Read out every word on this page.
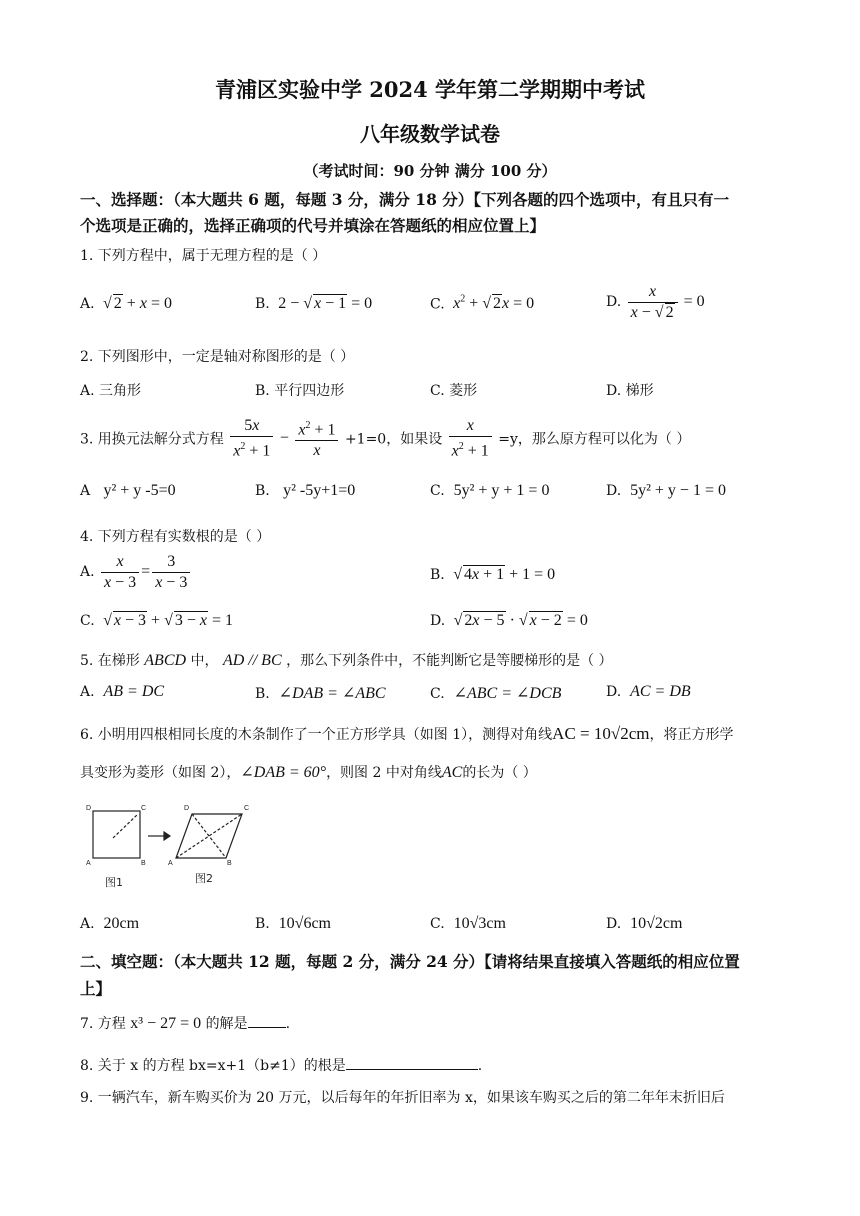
青浦区实验中学 2024 学年第二学期期中考试
八年级数学试卷
（考试时间：90 分钟 满分 100 分）
一、选择题：（本大题共 6 题，每题 3 分，满分 18 分）【下列各题的四个选项中，有且只有一
个选项是正确的，选择正确项的代号并填涂在答题纸的相应位置上】
1. 下列方程中，属于无理方程的是（ ）
A. √ 2 + x = 0	B.  2 − √ x − 1 = 0	C. $x^2$ + √ 2x = 0	D. $\frac{x}{x - √ 2} = 0$
2. 下列图形中，一定是轴对称图形的是（ ）
A. 三角形	B. 平行四边形	C. 菱形	D. 梯形
3. 用换元法解分式方程 $\frac{5x}{x^2 + 1} - \frac{x^2 + 1}{x} +1=0$，如果设 $\frac{x}{x^2 + 1} =y$，那么原方程可以化为（ ）
A y² + y -5=0	B. y² -5y+1=0	C. 5y² + y + 1 = 0	D. 5y² + y − 1 = 0
4. 下列方程有实数根的是（ ）
A. $\frac{x}{x - 3} = \frac{3}{x - 3}$	B. √ 4x + 1 + 1 = 0
C. √ x − 3 + √ 3 − x = 1	D. √ 2x − 5 · √ x − 2 = 0
5. 在梯形 ABCD 中， AD // BC ，那么下列条件中，不能判断它是等腰梯形的是（ ）
A. AB = DC	B. ∠DAB = ∠ABC	C. ∠ABC = ∠DCB	D. AC = DB
6. 小明用四根相同长度的木条制作了一个正方形学具（如图 1），测得对角线AC = 10√2cm，将正方形学
具变形为菱形（如图 2），∠DAB = 60°，则图 2 中对角线AC的长为（ ）
D	C
A	B
D	C
A	B
图1	图2
A. 20cm	B. 10√6cm	C. 10√3cm	D. 10√2cm
二、填空题：（本大题共 12 题，每题 2 分，满分 24 分）【请将结果直接填入答题纸的相应位置
上】
7. 方程 x³ − 27 = 0 的解是	.
8. 关于 x 的方程 bx=x+1（b≠1）的根是	.
9. 一辆汽车，新车购买价为 20 万元，以后每年的年折旧率为 x，如果该车购买之后的第二年年末折旧后
